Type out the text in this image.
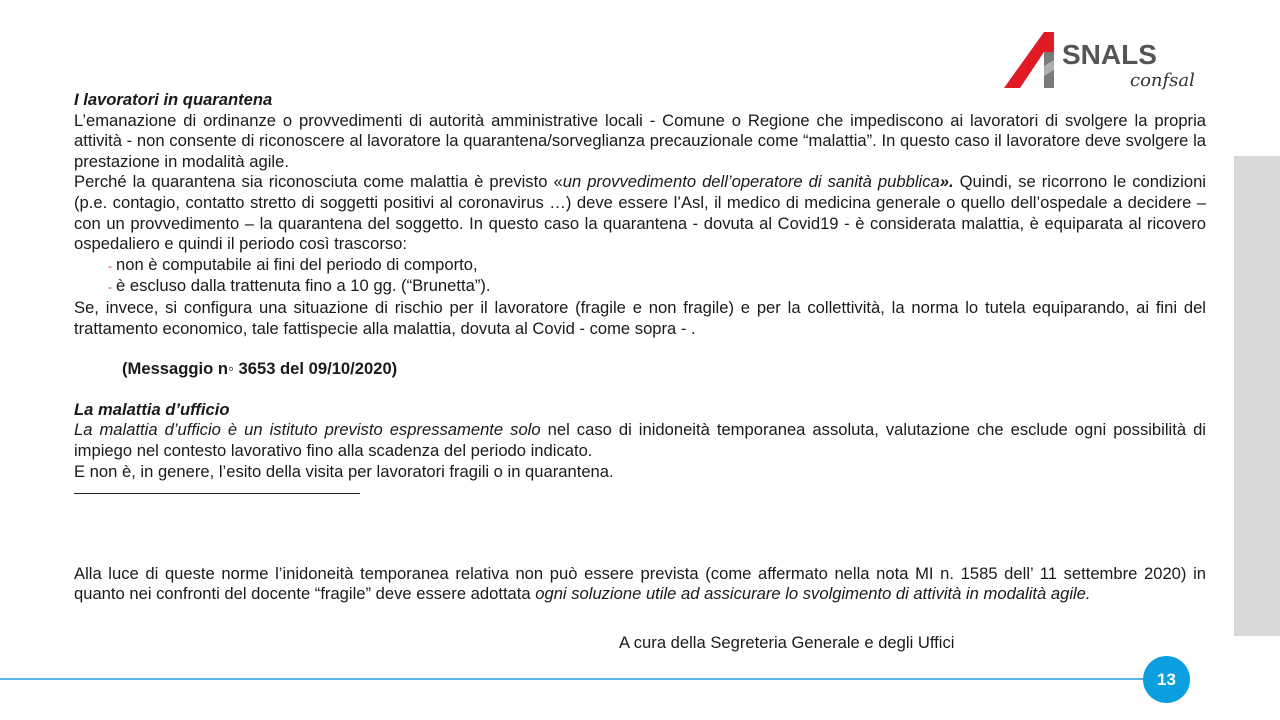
SNALS
confsal

I lavoratori in quarantena

L’emanazione di ordinanze o provvedimenti di autorità amministrative locali - Comune o Regione che impediscono ai lavoratori di svolgere la propria attività - non consente di riconoscere al lavoratore la quarantena/sorveglianza precauzionale come “malattia”. In questo caso il lavoratore deve svolgere la prestazione in modalità agile.

Perché la quarantena sia riconosciuta come malattia è previsto «un provvedimento dell’operatore di sanità pubblica». Quindi, se ricorrono le condizioni (p.e. contagio, contatto stretto di soggetti positivi al coronavirus …) deve essere l’Asl, il medico di medicina generale o quello dell’ospedale a decidere – con un provvedimento – la quarantena del soggetto. In questo caso la quarantena - dovuta al Covid19 - è considerata malattia, è equiparata al ricovero ospedaliero e quindi il periodo così trascorso:

- non è computabile ai fini del periodo di comporto,

- è escluso dalla trattenuta fino a 10 gg. (“Brunetta”).

Se, invece, si configura una situazione di rischio per il lavoratore (fragile e non fragile) e per la collettività, la norma lo tutela equiparando, ai fini del trattamento economico, tale fattispecie alla malattia, dovuta al Covid - come sopra - .

(Messaggio n◦ 3653 del 09/10/2020)

La malattia d’ufficio

La malattia d’ufficio è un istituto previsto espressamente solo nel caso di inidoneità temporanea assoluta, valutazione che esclude ogni possibilità di impiego nel contesto lavorativo fino alla scadenza del periodo indicato.

E non è, in genere, l’esito della visita per lavoratori fragili o in quarantena.

Alla luce di queste norme l’inidoneità temporanea relativa non può essere prevista (come affermato nella nota MI n. 1585 dell’ 11 settembre 2020) in quanto nei confronti del docente “fragile” deve essere adottata ogni soluzione utile ad assicurare lo svolgimento di attività in modalità agile.

A cura della Segreteria Generale e degli Uffici
13
